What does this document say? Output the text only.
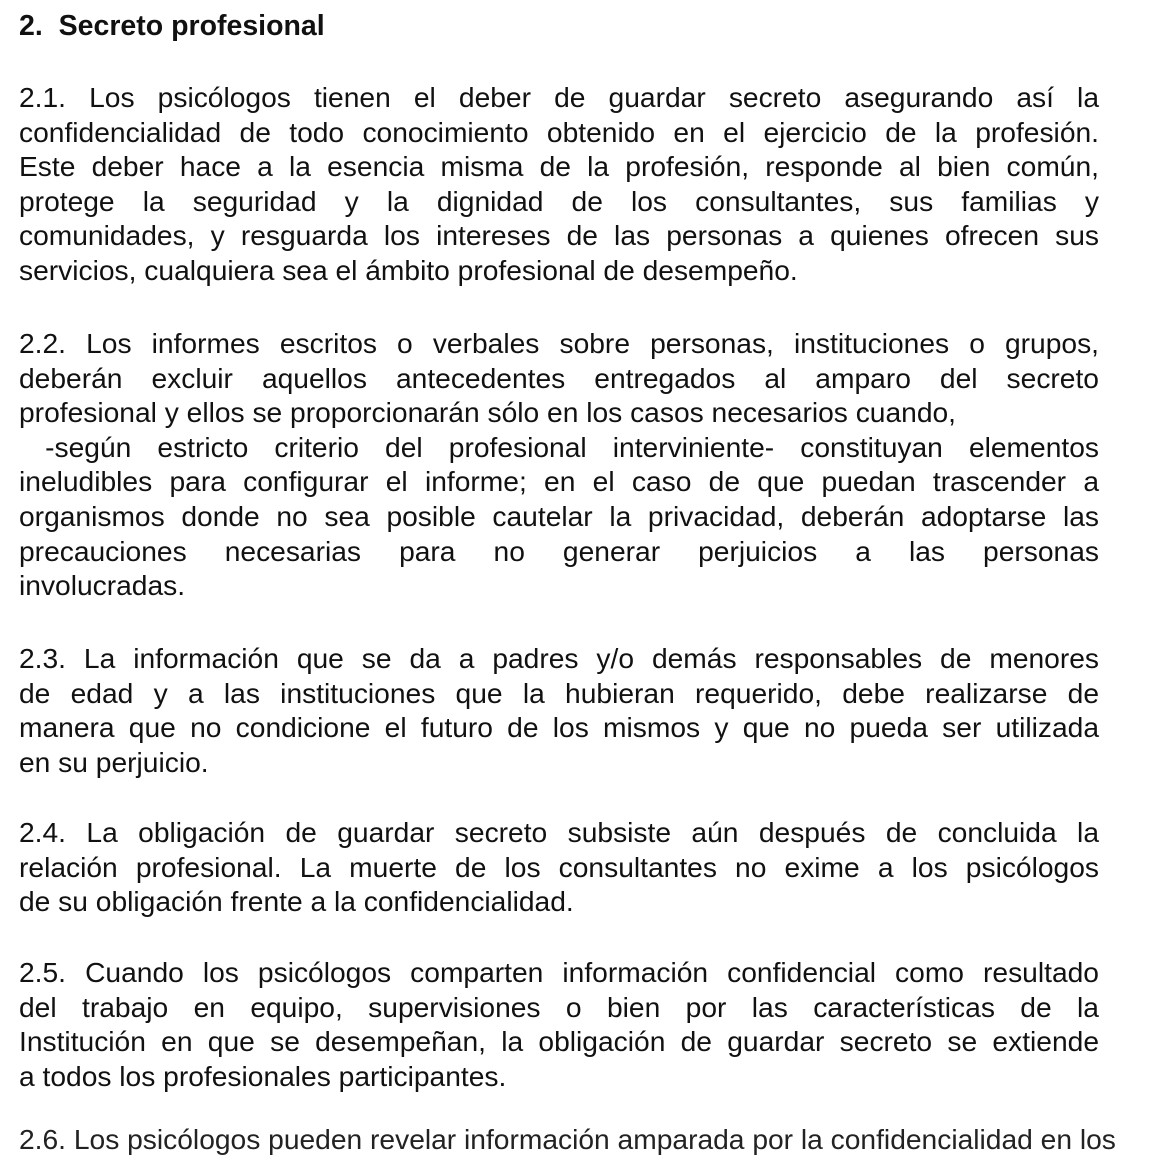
2.  Secreto profesional
2.1. Los psicólogos tienen el deber de guardar secreto asegurando así la
confidencialidad de todo conocimiento obtenido en el ejercicio de la profesión.
Este deber hace a la esencia misma de la profesión, responde al bien común,
protege la seguridad y la dignidad de los consultantes, sus familias y
comunidades, y resguarda los intereses de las personas a quienes ofrecen sus
servicios, cualquiera sea el ámbito profesional de desempeño.
2.2. Los informes escritos o verbales sobre personas, instituciones o grupos,
deberán excluir aquellos antecedentes entregados al amparo del secreto
profesional y ellos se proporcionarán sólo en los casos necesarios cuando,
-según estricto criterio del profesional interviniente- constituyan elementos
ineludibles para configurar el informe; en el caso de que puedan trascender a
organismos donde no sea posible cautelar la privacidad, deberán adoptarse las
precauciones necesarias para no generar perjuicios a las personas
involucradas.
2.3. La información que se da a padres y/o demás responsables de menores
de edad y a las instituciones que la hubieran requerido, debe realizarse de
manera que no condicione el futuro de los mismos y que no pueda ser utilizada
en su perjuicio.
2.4. La obligación de guardar secreto subsiste aún después de concluida la
relación profesional. La muerte de los consultantes no exime a los psicólogos
de su obligación frente a la confidencialidad.
2.5. Cuando los psicólogos comparten información confidencial como resultado
del trabajo en equipo, supervisiones o bien por las características de la
Institución en que se desempeñan, la obligación de guardar secreto se extiende
a todos los profesionales participantes.
2.6. Los psicólogos pueden revelar información amparada por la confidencialidad en los
